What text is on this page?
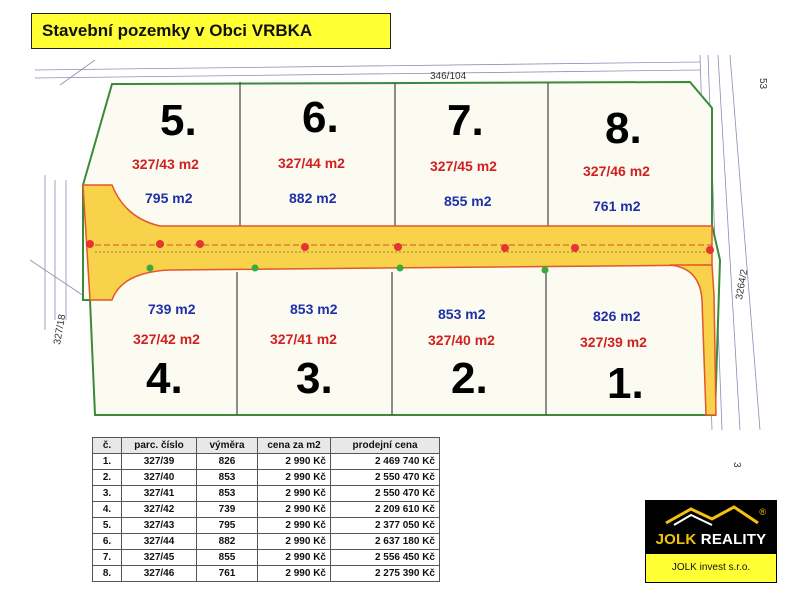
Stavební pozemky v Obci VRBKA
346/104
327/18
3264/2
53
3
5.
327/43 m2
795 m2
6.
327/44 m2
882 m2
7.
327/45 m2
855 m2
8.
327/46 m2
761 m2
739 m2
327/42 m2
4.
853 m2
327/41 m2
3.
853 m2
327/40 m2
2.
826 m2
327/39 m2
1.
č.	parc. číslo	výměra	cena za m2	prodejní cena
1.	327/39	826	2 990 Kč	2 469 740 Kč
2.	327/40	853	2 990 Kč	2 550 470 Kč
3.	327/41	853	2 990 Kč	2 550 470 Kč
4.	327/42	739	2 990 Kč	2 209 610 Kč
5.	327/43	795	2 990 Kč	2 377 050 Kč
6.	327/44	882	2 990 Kč	2 637 180 Kč
7.	327/45	855	2 990 Kč	2 556 450 Kč
8.	327/46	761	2 990 Kč	2 275 390 Kč
®
JOLK REALITY
JOLK invest s.r.o.
